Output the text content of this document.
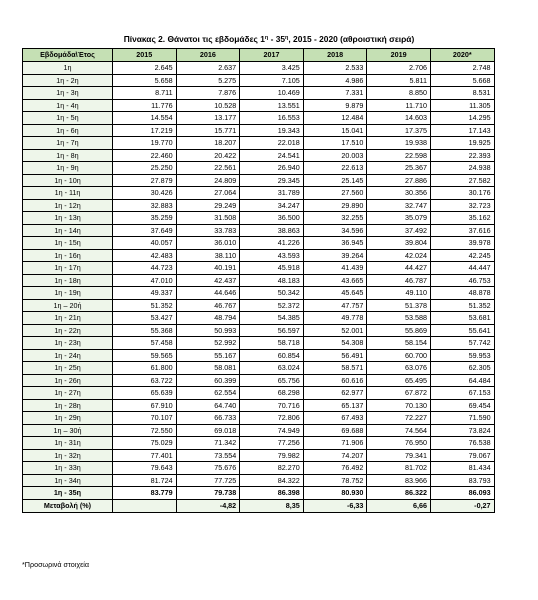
Πίνακας 2. Θάνατοι τις εβδομάδες $1^\eta - 35^\eta$, 2015 - 2020 (αθροιστική σειρά)
Εβδομάδα\Έτος	2015	2016	2017	2018	2019	2020*
1η	2.645	2.637	3.425	2.533	2.706	2.748
1η - 2η	5.658	5.275	7.105	4.986	5.811	5.668
1η - 3η	8.711	7.876	10.469	7.331	8.850	8.531
1η - 4η	11.776	10.528	13.551	9.879	11.710	11.305
1η - 5η	14.554	13.177	16.553	12.484	14.603	14.295
1η - 6η	17.219	15.771	19.343	15.041	17.375	17.143
1η - 7η	19.770	18.207	22.018	17.510	19.938	19.925
1η - 8η	22.460	20.422	24.541	20.003	22.598	22.393
1η - 9η	25.250	22.561	26.940	22.613	25.367	24.938
1η - 10η	27.879	24.809	29.345	25.145	27.886	27.582
1η - 11η	30.426	27.064	31.789	27.560	30.356	30.176
1η - 12η	32.883	29.249	34.247	29.890	32.747	32.723
1η - 13η	35.259	31.508	36.500	32.255	35.079	35.162
1η - 14η	37.649	33.783	38.863	34.596	37.492	37.616
1η - 15η	40.057	36.010	41.226	36.945	39.804	39.978
1η - 16η	42.483	38.110	43.593	39.264	42.024	42.245
1η - 17η	44.723	40.191	45.918	41.439	44.427	44.447
1η - 18η	47.010	42.437	48.183	43.665	46.787	46.753
1η - 19η	49.337	44.646	50.342	45.645	49.110	48.878
1η – 20ή	51.352	46.767	52.372	47.757	51.378	51.352
1η - 21η	53.427	48.794	54.385	49.778	53.588	53.681
1η - 22η	55.368	50.993	56.597	52.001	55.869	55.641
1η - 23η	57.458	52.992	58.718	54.308	58.154	57.742
1η - 24η	59.565	55.167	60.854	56.491	60.700	59.953
1η - 25η	61.800	58.081	63.024	58.571	63.076	62.305
1η - 26η	63.722	60.399	65.756	60.616	65.495	64.484
1η - 27η	65.639	62.554	68.298	62.977	67.872	67.153
1η - 28η	67.910	64.740	70.716	65.137	70.130	69.454
1η - 29η	70.107	66.733	72.806	67.493	72.227	71.590
1η – 30ή	72.550	69.018	74.949	69.688	74.564	73.824
1η - 31η	75.029	71.342	77.256	71.906	76.950	76.538
1η - 32η	77.401	73.554	79.982	74.207	79.341	79.067
1η - 33η	79.643	75.676	82.270	76.492	81.702	81.434
1η - 34η	81.724	77.725	84.322	78.752	83.966	83.793
1η - 35η	83.779	79.738	86.398	80.930	86.322	86.093
Μεταβολή (%)		-4,82	8,35	-6,33	6,66	-0,27
*Προσωρινά στοιχεία
